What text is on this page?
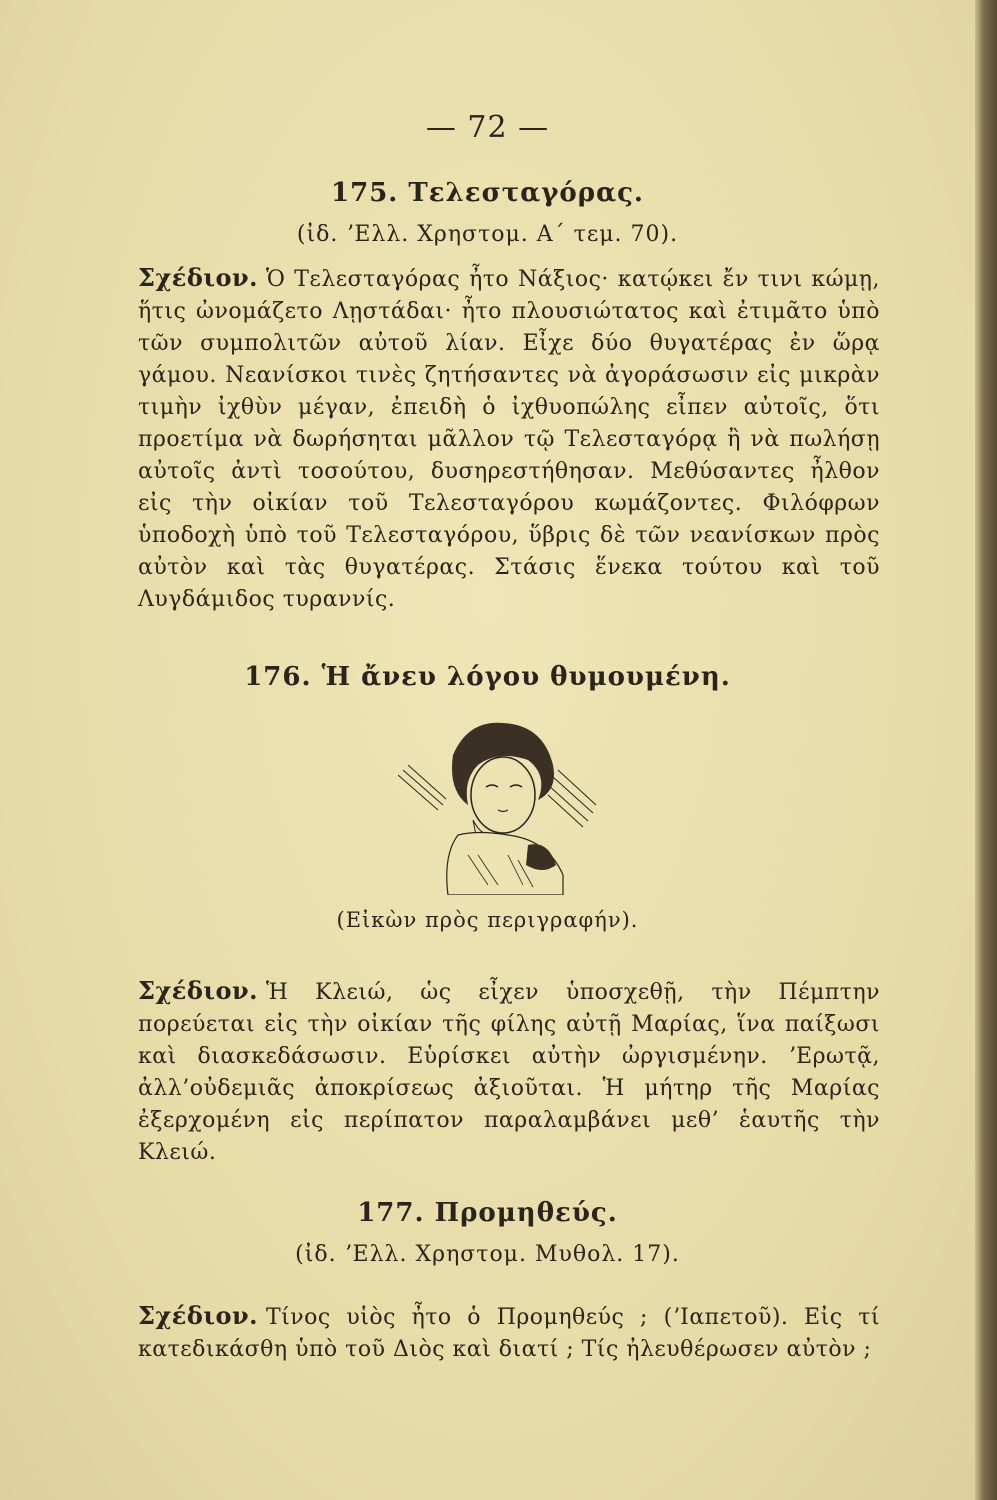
— 72 —
175. Τελεσταγόρας.
(ἰδ. ʼΕλλ. Χρηστομ. Α΄ τεμ. 70).
Σχέδιον. Ὁ Τελεσταγόρας ἦτο Νάξιος· κατῴκει ἔν τινι κώμῃ, ἥτις ὠνομάζετο Λῃστάδαι· ἦτο πλουσιώτατος καὶ ἐτιμᾶτο ὑπὸ τῶν συμπολιτῶν αὐτοῦ λίαν. Εἶχε δύο θυγατέρας ἐν ὥρᾳ γάμου. Νεανίσκοι τινὲς ζητήσαντες νὰ ἀγοράσωσιν εἰς μικρὰν τιμὴν ἰχθὺν μέγαν, ἐπειδὴ ὁ ἰχθυοπώλης εἶπεν αὐτοῖς, ὅτι προετίμα νὰ δωρήσηται μᾶλλον τῷ Τελεσταγόρᾳ ἢ νὰ πωλήσῃ αὐτοῖς ἀντὶ τοσούτου, δυσηρεστήθησαν. Μεθύσαντες ἦλθον εἰς τὴν οἰκίαν τοῦ Τελεσταγόρου κωμάζοντες. Φιλόφρων ὑποδοχὴ ὑπὸ τοῦ Τελεσταγόρου, ὕβρις δὲ τῶν νεανίσκων πρὸς αὐτὸν καὶ τὰς θυγατέρας. Στάσις ἕνεκα τούτου καὶ τοῦ Λυγδάμιδος τυραννίς.
176. Ἡ ἄνευ λόγου θυμουμένη.
(Εἰκὼν πρὸς περιγραφήν).
Σχέδιον. Ἡ Κλειώ, ὡς εἶχεν ὑποσχεθῇ, τὴν Πέμπτην πορεύεται εἰς τὴν οἰκίαν τῆς φίλης αὐτῇ Μαρίας, ἵνα παίξωσι καὶ διασκεδάσωσιν. Εὑρίσκει αὐτὴν ὠργισμένην. ʼΕρωτᾷ, ἀλλ’οὐδεμιᾶς ἀποκρίσεως ἀξιοῦται. Ἡ μήτηρ τῆς Μαρίας ἐξερχομένη εἰς περίπατον παραλαμβάνει μεθ’ ἑαυτῆς τὴν Κλειώ.
177. Προμηθεύς.
(ἰδ. ʼΕλλ. Χρηστομ. Μυθολ. 17).
Σχέδιον. Τίνος υἱὸς ἦτο ὁ Προμηθεύς ; (ʼΙαπετοῦ). Εἰς τί κατεδικάσθη ὑπὸ τοῦ Διὸς καὶ διατί ; Τίς ἠλευθέρωσεν αὐτὸν ;
